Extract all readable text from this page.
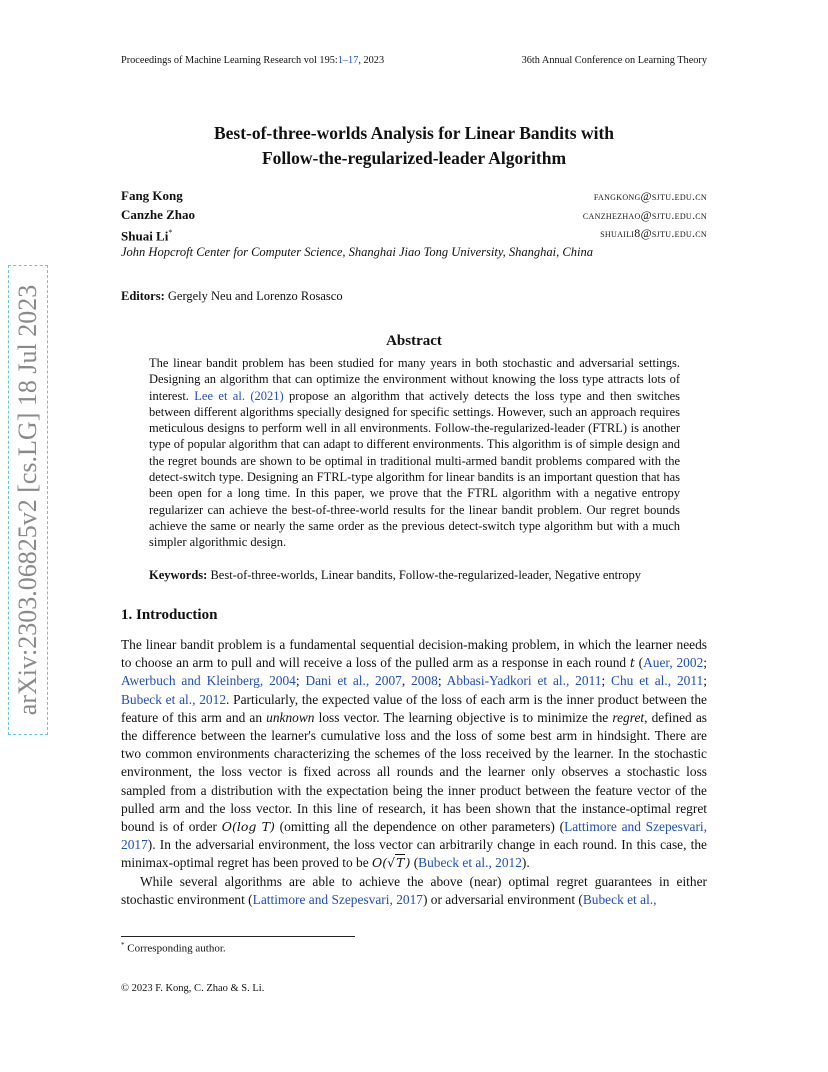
Proceedings of Machine Learning Research vol 195:1–17, 2023	36th Annual Conference on Learning Theory
arXiv:2303.06825v2 [cs.LG] 18 Jul 2023
Best-of-three-worlds Analysis for Linear Bandits with
Follow-the-regularized-leader Algorithm
Fang Kong	fangkong@sjtu.edu.cn
Canzhe Zhao	canzhezhao@sjtu.edu.cn
Shuai Li*	shuaili8@sjtu.edu.cn
John Hopcroft Center for Computer Science, Shanghai Jiao Tong University, Shanghai, China
Editors: Gergely Neu and Lorenzo Rosasco
Abstract
The linear bandit problem has been studied for many years in both stochastic and adversarial settings. Designing an algorithm that can optimize the environment without knowing the loss type attracts lots of interest. Lee et al. (2021) propose an algorithm that actively detects the loss type and then switches between different algorithms specially designed for specific settings. However, such an approach requires meticulous designs to perform well in all environments. Follow-the-regularized-leader (FTRL) is another type of popular algorithm that can adapt to different environments. This algorithm is of simple design and the regret bounds are shown to be optimal in traditional multi-armed bandit problems compared with the detect-switch type. Designing an FTRL-type algorithm for linear bandits is an important question that has been open for a long time. In this paper, we prove that the FTRL algorithm with a negative entropy regularizer can achieve the best-of-three-world results for the linear bandit problem. Our regret bounds achieve the same or nearly the same order as the previous detect-switch type algorithm but with a much simpler algorithmic design.
Keywords: Best-of-three-worlds, Linear bandits, Follow-the-regularized-leader, Negative entropy
1. Introduction

The linear bandit problem is a fundamental sequential decision-making problem, in which the learner needs to choose an arm to pull and will receive a loss of the pulled arm as a response in each round t (Auer, 2002; Awerbuch and Kleinberg, 2004; Dani et al., 2007, 2008; Abbasi-Yadkori et al., 2011; Chu et al., 2011; Bubeck et al., 2012. Particularly, the expected value of the loss of each arm is the inner product between the feature of this arm and an unknown loss vector. The learning objective is to minimize the regret, defined as the difference between the learner's cumulative loss and the loss of some best arm in hindsight. There are two common environments characterizing the schemes of the loss received by the learner. In the stochastic environment, the loss vector is fixed across all rounds and the learner only observes a stochastic loss sampled from a distribution with the expectation being the inner product between the feature vector of the pulled arm and the loss vector. In this line of research, it has been shown that the instance-optimal regret bound is of order O(log T) (omitting all the dependence on other parameters) (Lattimore and Szepesvari, 2017). In the adversarial environment, the loss vector can arbitrarily change in each round. In this case, the minimax-optimal regret has been proved to be O(√T) (Bubeck et al., 2012).

While several algorithms are able to achieve the above (near) optimal regret guarantees in either stochastic environment (Lattimore and Szepesvari, 2017) or adversarial environment (Bubeck et al.,

* Corresponding author.
© 2023 F. Kong, C. Zhao & S. Li.
